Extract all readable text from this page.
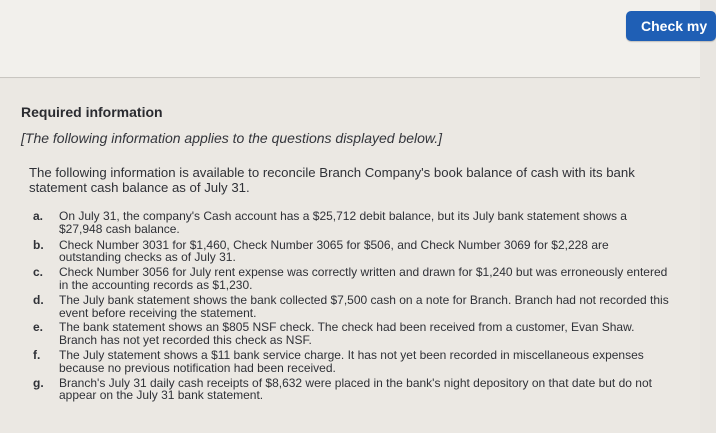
Check my
Required information
[The following information applies to the questions displayed below.]
The following information is available to reconcile Branch Company's book balance of cash with its bank statement cash balance as of July 31.
a.	On July 31, the company's Cash account has a $25,712 debit balance, but its July bank statement shows a $27,948 cash balance.
b.	Check Number 3031 for $1,460, Check Number 3065 for $506, and Check Number 3069 for $2,228 are outstanding checks as of July 31.
c.	Check Number 3056 for July rent expense was correctly written and drawn for $1,240 but was erroneously entered in the accounting records as $1,230.
d.	The July bank statement shows the bank collected $7,500 cash on a note for Branch. Branch had not recorded this event before receiving the statement.
e.	The bank statement shows an $805 NSF check. The check had been received from a customer, Evan Shaw. Branch has not yet recorded this check as NSF.
f.	The July statement shows a $11 bank service charge. It has not yet been recorded in miscellaneous expenses because no previous notification had been received.
g.	Branch's July 31 daily cash receipts of $8,632 were placed in the bank's night depository on that date but do not appear on the July 31 bank statement.
